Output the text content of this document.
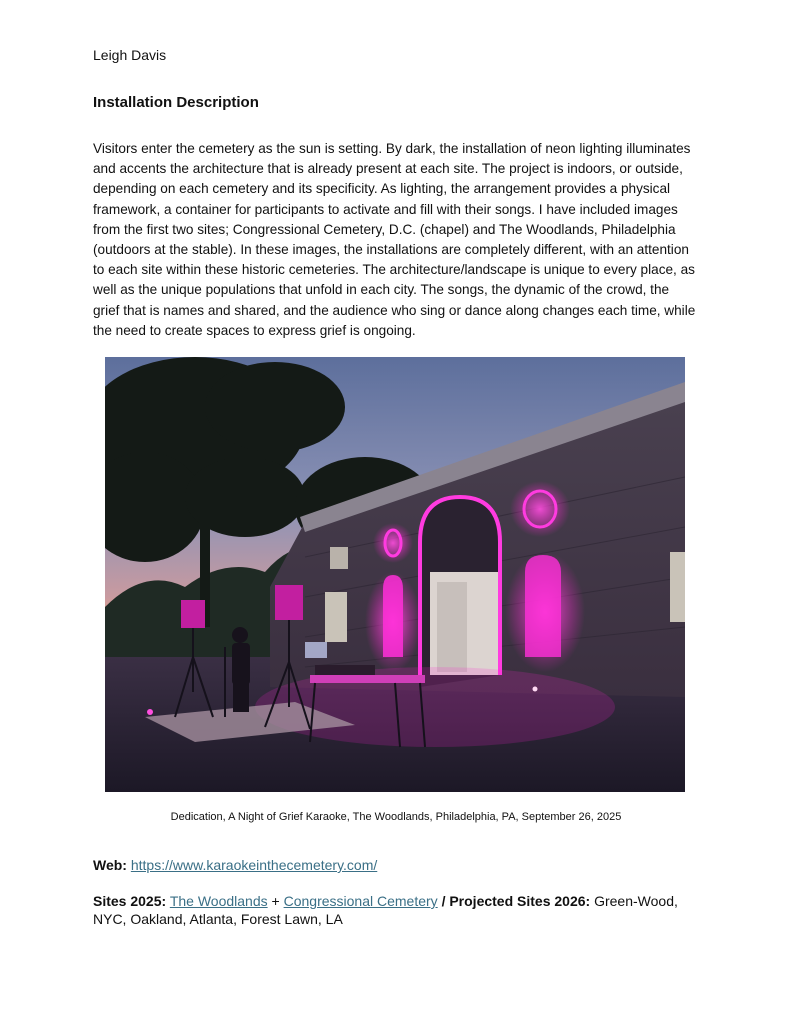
Leigh Davis
Installation Description

Visitors enter the cemetery as the sun is setting. By dark, the installation of neon lighting illuminates and accents the architecture that is already present at each site. The project is indoors, or outside, depending on each cemetery and its specificity. As lighting, the arrangement provides a physical framework, a container for participants to activate and fill with their songs. I have included images from the first two sites; Congressional Cemetery, D.C. (chapel) and The Woodlands, Philadelphia (outdoors at the stable). In these images, the installations are completely different, with an attention to each site within these historic cemeteries. The architecture/landscape is unique to every place, as well as the unique populations that unfold in each city. The songs, the dynamic of the crowd, the grief that is names and shared, and the audience who sing or dance along changes each time, while the need to create spaces to express grief is ongoing.

Dedication, A Night of Grief Karaoke, The Woodlands, Philadelphia, PA, September 26, 2025
Web: https://www.karaokeinthecemetery.com/
Sites 2025: The Woodlands + Congressional Cemetery / Projected Sites 2026: Green-Wood, NYC, Oakland, Atlanta, Forest Lawn, LA
